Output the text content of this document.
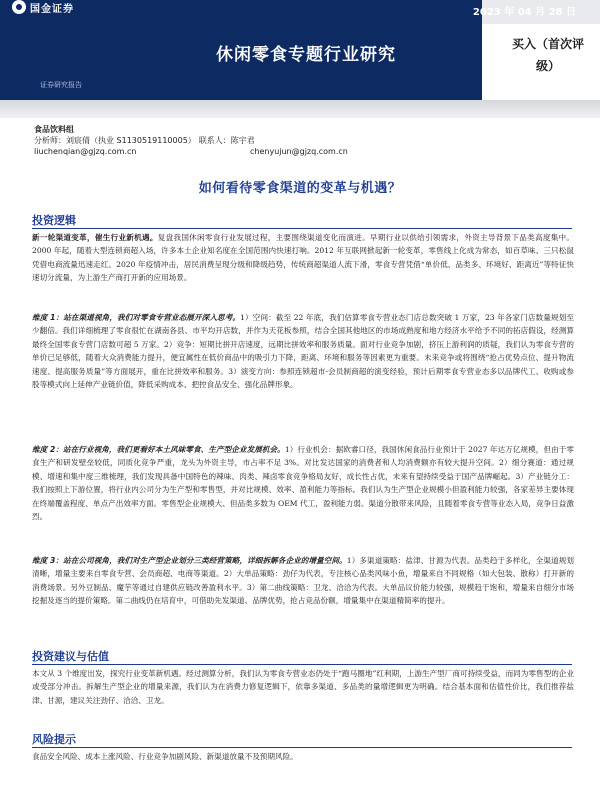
国金证券
休闲零食专题行业研究
证券研究报告
2023 年 04 月 28 日
买入（首次评
级）
食品饮料组
分析师：刘宸倩（执业 S1130519110005） 联系人：陈宇君
liuchenqian@gjzq.com.cn	chenyujun@gjzq.com.cn
如何看待零食渠道的变革与机遇？
投资逻辑
新一轮渠道变革，催生行业新机遇。复盘我国休闲零食行业发展过程，主要围绕渠道变化而演进。早期行业以供给引领需求，外资主导背景下品类高度集中。2000 年起，随着大型连锁商超入场，许多本土企业知名度在全国范围内快速打响。2012 年互联网掀起新一轮变革，零售线上化成为常态，如百草味、三只松鼠凭借电商流量迅速走红。2020 年疫情冲击，居民消费呈现分级和降级趋势，传统商超渠道人流下滑，零食专营凭借“单价低、品类多、环境好、距离近”等特征快速切分流量，为上游生产商打开新的应用场景。
维度 1：站在渠道视角，我们对零食专营业态展开深入思考。1）空间：截至 22 年底，我们估算零食专营业态门店总数突破 1 万家，23 年各家门店数量规划至少翻倍。我们详细梳理了零食很忙在湖南各县、市平均开店数，并作为天花板参照，结合全国其他地区的市场成熟度和地方经济水平给予不同的拓店假设，经测算最终全国零食专营门店数可超 5 万家。2）竞争：短期比拼开店速度，远期比拼效率和服务质量。面对行业竞争加剧，挤压上游利润的质疑，我们认为零食专营的单价已足够低，随着大众消费能力提升，便宜属性在低价商品中的吸引力下降，距离、环境和服务等因素更为重要。未来竞争或将围绕“抢占优势点位、提升物流速度、提高服务质量”等方面展开，重在比拼效率和服务。3）演变方向：参照连锁超市-会员制商超的演变经验，预计后期零食专营业态多以品牌代工、收购或参股等模式向上延伸产业链价值，降低采购成本、把控食品安全、强化品牌形象。
维度 2：站在行业视角，我们更看好本土风味零食、生产型企业发展机会。1）行业机会：据欧睿口径，我国休闲食品行业预计于 2027 年达万亿规模，但由于零食生产和研发壁垒较低，同质化竞争严重，龙头为外资主导，市占率不足 3%。对比发达国家的消费者和人均消费额亦有较大提升空间。2）细分赛道：通过规模、增速和集中度三维梳理，我们发现具备中国特色的辣味、肉类、辣卤零食竞争格局友好，成长性占优，未来有望持续受益于国产品牌崛起。3）产业链分工：我们按照上下游位置，将行业内公司分为生产型和零售型，并对比规模、效率、盈利能力等指标。我们认为生产型企业规模小但盈利能力较强，各家差异主要体现在终端覆盖程度、单点产出效率方面。零售型企业规模大、但品类多数为 OEM 代工，盈利能力弱。渠道分散带来风险，且随着零食专营等业态入局，竞争日益激烈。
维度 3：站在公司视角，我们对生产型企业划分三类经营策略，详细拆解各企业的增量空间。1）多渠道策略：盐津、甘源为代表。品类趋于多样化，全渠道规划清晰，增量主要来自零食专营、会员商超、电商等渠道。2）大单品策略：劲仔为代表，专注核心品类风味小鱼，增量来自不同规格（如大包装、散称）打开新的消费场景。另外豆制品、魔芋等通过自建供应链改善盈利水平。3）第二曲线策略：卫龙、洽洽为代表。大单品议价能力较强，规模趋于饱和，增量来自细分市场挖掘及逐当的提价策略。第二曲线仍在培育中，可借助先发渠道、品牌优势，抢占竞品份额，增量集中在渠道精简率的提升。
投资建议与估值
本文从 3 个维度出发，探究行业变革新机遇。经过测算分析，我们认为零食专营业态仍处于“跑马圈地”红利期，上游生产型厂商可持续受益，而同为零售型的企业或受部分冲击。拆解生产型企业的增量来源，我们认为在消费力修复逻辑下，依靠多渠道、多品类的量增逻辑更为明确。结合基本面和估值性价比，我们推荐盐津、甘源，建议关注劲仔、洽洽、卫龙。
风险提示
食品安全风险、成本上涨风险、行业竞争加剧风险、新渠道放量不及预期风险。
